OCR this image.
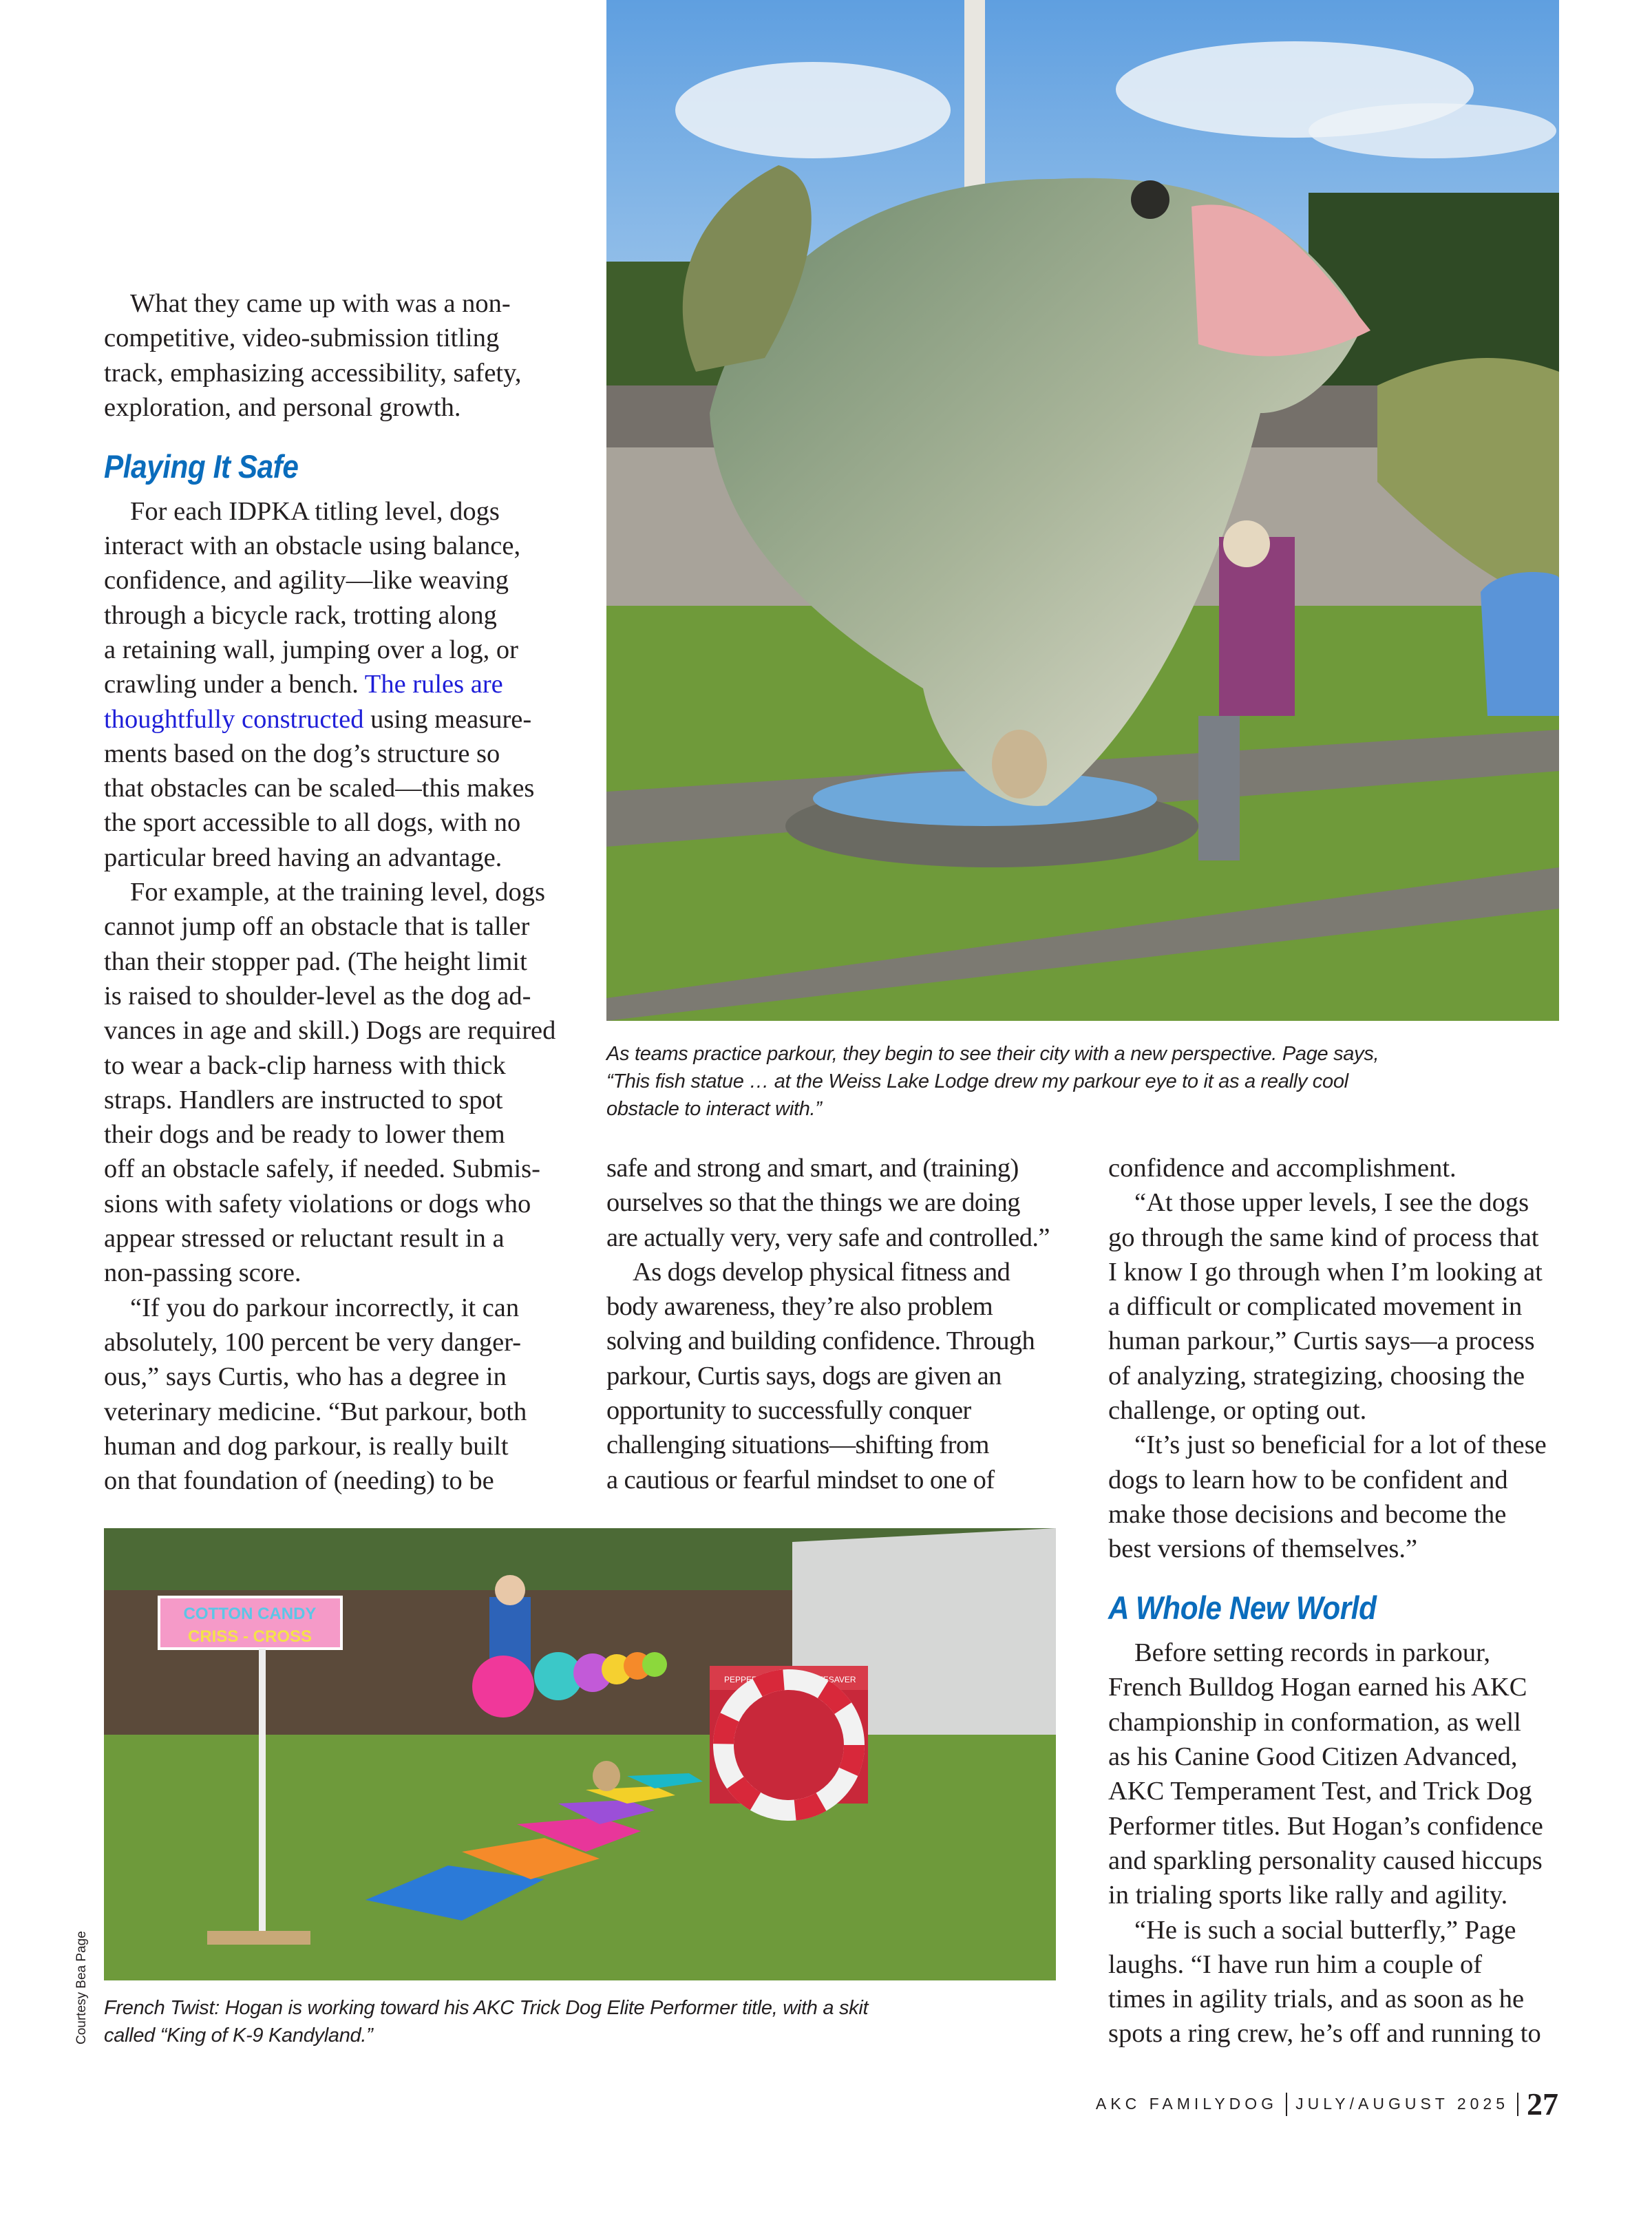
What they came up with was a non-
competitive, video-submission titling
track, emphasizing accessibility, safety,
exploration, and personal growth.
Playing It Safe
For each IDPKA titling level, dogs
interact with an obstacle using balance,
confidence, and agility—like weaving
through a bicycle rack, trotting along
a retaining wall, jumping over a log, or
crawling under a bench. The rules are
thoughtfully constructed using measure-
ments based on the dog’s structure so
that obstacles can be scaled—this makes
the sport accessible to all dogs, with no
particular breed having an advantage.
For example, at the training level, dogs
cannot jump off an obstacle that is taller
than their stopper pad. (The height limit
is raised to shoulder-level as the dog ad-
vances in age and skill.) Dogs are required
to wear a back-clip harness with thick
straps. Handlers are instructed to spot
their dogs and be ready to lower them
off an obstacle safely, if needed. Submis-
sions with safety violations or dogs who
appear stressed or reluctant result in a
non-passing score.
“If you do parkour incorrectly, it can
absolutely, 100 percent be very danger-
ous,” says Curtis, who has a degree in
veterinary medicine. “But parkour, both
human and dog parkour, is really built
on that foundation of (needing) to be
safe and strong and smart, and (training)
ourselves so that the things we are doing
are actually very, very safe and controlled.”
As dogs develop physical fitness and
body awareness, they’re also problem
solving and building confidence. Through
parkour, Curtis says, dogs are given an
opportunity to successfully conquer
challenging situations—shifting from
a cautious or fearful mindset to one of
confidence and accomplishment.
“At those upper levels, I see the dogs
go through the same kind of process that
I know I go through when I’m looking at
a difficult or complicated movement in
human parkour,” Curtis says—a process
of analyzing, strategizing, choosing the
challenge, or opting out.
“It’s just so beneficial for a lot of these
dogs to learn how to be confident and
make those decisions and become the
best versions of themselves.”
A Whole New World
Before setting records in parkour,
French Bulldog Hogan earned his AKC
championship in conformation, as well
as his Canine Good Citizen Advanced,
AKC Temperament Test, and Trick Dog
Performer titles. But Hogan’s confidence
and sparkling personality caused hiccups
in trialing sports like rally and agility.
“He is such a social butterfly,” Page
laughs. “I have run him a couple of
times in agility trials, and as soon as he
spots a ring crew, he’s off and running to
As teams practice parkour, they begin to see their city with a new perspective. Page says,
“This fish statue … at the Weiss Lake Lodge drew my parkour eye to it as a really cool
obstacle to interact with.”
COTTON CANDY
CRISS - CROSS
PEPPERMINT	LIFESAVER
French Twist: Hogan is working toward his AKC Trick Dog Elite Performer title, with a skit
called “King of K-9 Kandyland.”
Courtesy Bea Page
AKC FAMILYDOG JULY/AUGUST 2025 27
